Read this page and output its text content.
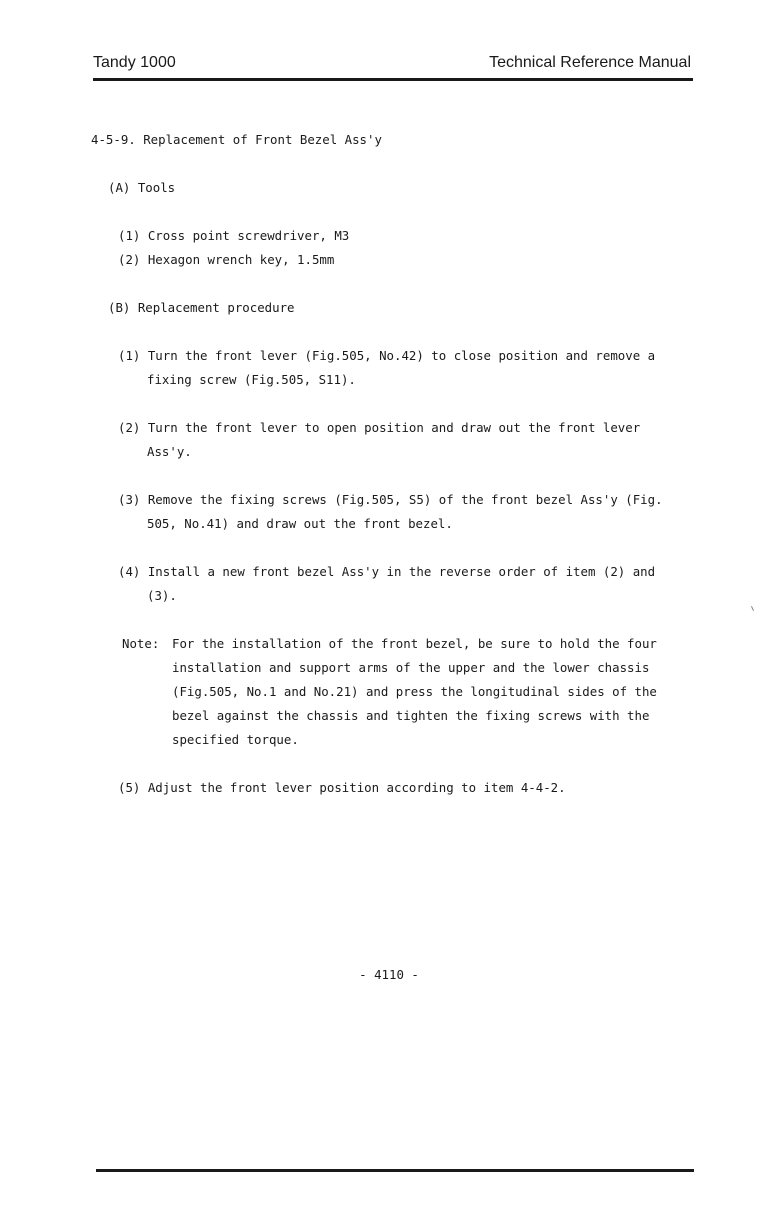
Tandy 1000	Technical Reference Manual
4-5-9. Replacement of Front Bezel Ass'y
(A) Tools
(1) Cross point screwdriver, M3
(2) Hexagon wrench key, 1.5mm
(B) Replacement procedure
(1) Turn the front lever (Fig.505, No.42) to close position and remove a
fixing screw (Fig.505, S11).
(2) Turn the front lever to open position and draw out the front lever
Ass'y.
(3) Remove the fixing screws (Fig.505, S5) of the front bezel Ass'y (Fig.
505, No.41) and draw out the front bezel.
(4) Install a new front bezel Ass'y in the reverse order of item (2) and
(3).
Note: For the installation of the front bezel, be sure to hold the four
installation and support arms of the upper and the lower chassis
(Fig.505, No.1 and No.21) and press the longitudinal sides of the
bezel against the chassis and tighten the fixing screws with the
specified torque.
(5) Adjust the front lever position according to item 4-4-2.
- 4110 -
